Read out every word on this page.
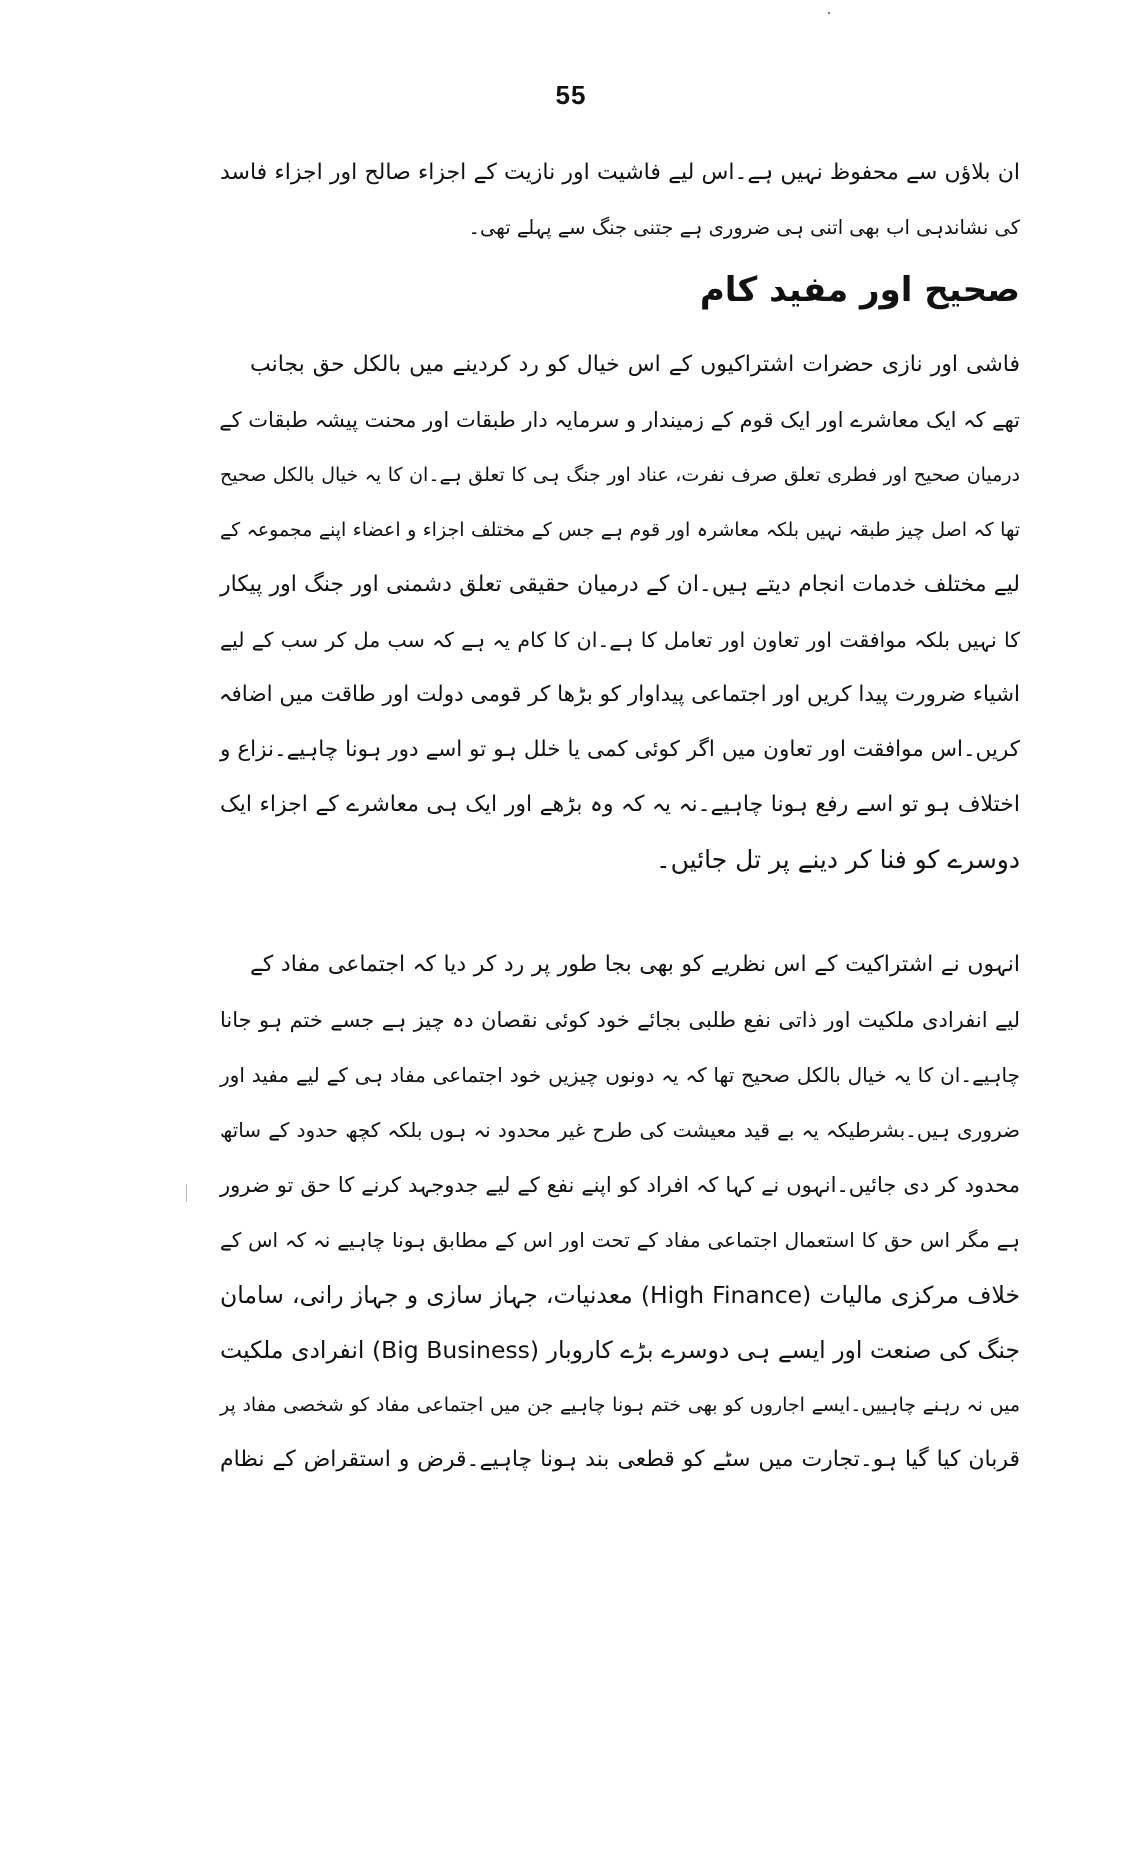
55
ان بلاؤں سے محفوظ نہیں ہے۔اس لیے فاشیت اور نازیت کے اجزاء صالح اور اجزاء فاسد
کی نشاندہی اب بھی اتنی ہی ضروری ہے جتنی جنگ سے پہلے تھی۔
صحیح اور مفید کام
فاشی اور نازی حضرات اشتراکیوں کے اس خیال کو رد کردینے میں بالکل حق بجانب
تھے کہ ایک معاشرے اور ایک قوم کے زمیندار و سرمایہ دار طبقات اور محنت پیشہ طبقات کے
درمیان صحیح اور فطری تعلق صرف نفرت، عناد اور جنگ ہی کا تعلق ہے۔ان کا یہ خیال بالکل صحیح
تھا کہ اصل چیز طبقہ نہیں بلکہ معاشرہ اور قوم ہے جس کے مختلف اجزاء و اعضاء اپنے مجموعہ کے
لیے مختلف خدمات انجام دیتے ہیں۔ان کے درمیان حقیقی تعلق دشمنی اور جنگ اور پیکار
کا نہیں بلکہ موافقت اور تعاون اور تعامل کا ہے۔ان کا کام یہ ہے کہ سب مل کر سب کے لیے
اشیاء ضرورت پیدا کریں اور اجتماعی پیداوار کو بڑھا کر قومی دولت اور طاقت میں اضافہ
کریں۔اس موافقت اور تعاون میں اگر کوئی کمی یا خلل ہو تو اسے دور ہونا چاہیے۔نزاع و
اختلاف ہو تو اسے رفع ہونا چاہیے۔نہ یہ کہ وہ بڑھے اور ایک ہی معاشرے کے اجزاء ایک
دوسرے کو فنا کر دینے پر تل جائیں۔
انہوں نے اشتراکیت کے اس نظریے کو بھی بجا طور پر رد کر دیا کہ اجتماعی مفاد کے
لیے انفرادی ملکیت اور ذاتی نفع طلبی بجائے خود کوئی نقصان دہ چیز ہے جسے ختم ہو جانا
چاہیے۔ان کا یہ خیال بالکل صحیح تھا کہ یہ دونوں چیزیں خود اجتماعی مفاد ہی کے لیے مفید اور
ضروری ہیں۔بشرطیکہ یہ بے قید معیشت کی طرح غیر محدود نہ ہوں بلکہ کچھ حدود کے ساتھ
محدود کر دی جائیں۔انہوں نے کہا کہ افراد کو اپنے نفع کے لیے جدوجہد کرنے کا حق تو ضرور
ہے مگر اس حق کا استعمال اجتماعی مفاد کے تحت اور اس کے مطابق ہونا چاہیے نہ کہ اس کے
خلاف مرکزی مالیات (High Finance) معدنیات، جہاز سازی و جہاز رانی، سامان
جنگ کی صنعت اور ایسے ہی دوسرے بڑے کاروبار (Big Business) انفرادی ملکیت
میں نہ رہنے چاہییں۔ایسے اجاروں کو بھی ختم ہونا چاہیے جن میں اجتماعی مفاد کو شخصی مفاد پر
قربان کیا گیا ہو۔تجارت میں سٹے کو قطعی بند ہونا چاہیے۔قرض و استقراض کے نظام
